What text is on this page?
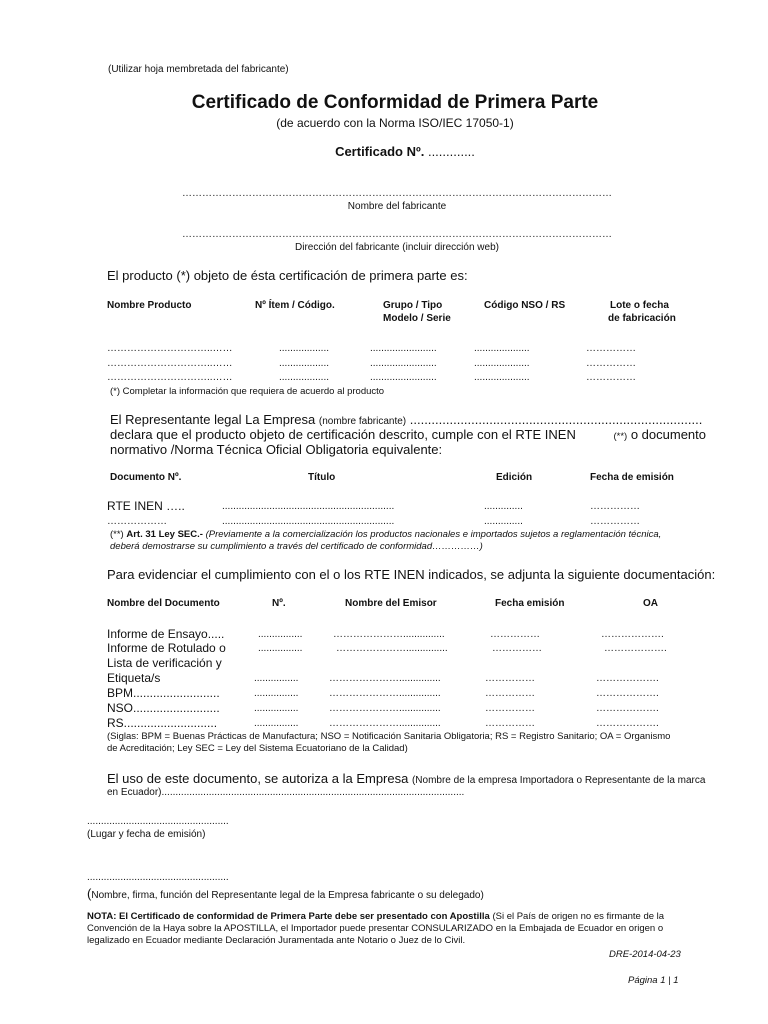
(Utilizar hoja membretada del fabricante)
Certificado de Conformidad de Primera Parte
(de acuerdo con la Norma ISO/IEC 17050-1)
Certificado Nº. .............
…………………………………………………………………………………………………………………
Nombre del fabricante
…………………………………………………………………………………………………………………
Dirección del fabricante (incluir dirección web)
El producto (*) objeto de ésta certificación de primera parte es:
Nombre Producto	Nº Ítem / Código.	Grupo / Tipo
Modelo / Serie
Código NSO / RS	Lote o fecha
de fabricación
…………………………..……	..................	........................	....................	……………
…………………………..……	..................	........................	....................	……………
…………………………..……	..................	........................	....................	……………
(*) Completar la información que requiera de acuerdo al producto
El Representante legal La Empresa (nombre fabricante) .................................................................................
declara que el producto objeto de certificación descrito, cumple con el RTE INEN	(**) o documento
normativo /Norma Técnica Oficial Obligatoria equivalente:
Documento Nº.	Título	Edición	Fecha de emisión
RTE INEN …..	..............................................................	..............	……………
………………	..............................................................	..............	……………
(**) Art. 31 Ley SEC.- (Previamente a la comercialización los productos nacionales e importados sujetos a reglamentación técnica,
deberá demostrarse su cumplimiento a través del certificado de conformidad……………)
Para evidenciar el cumplimiento con el o los RTE INEN indicados, se adjunta la siguiente documentación:
Nombre del Documento	Nº.	Nombre del Emisor	Fecha emisión	OA
Informe de Ensayo.....	................	…………………...............	……………	……………….
Informe de Rotulado o	................	…………………...............	……………	……………….
Lista de verificación y
Etiqueta/s	................	…………………...............	……………	……………….
BPM..........................	................	…………………...............	……………	……………….
NSO..........................	................	…………………...............	……………	……………….
RS............................	................	…………………...............	……………	……………….
(Siglas: BPM = Buenas Prácticas de Manufactura; NSO = Notificación Sanitaria Obligatoria; RS = Registro Sanitario; OA = Organismo
de Acreditación; Ley SEC = Ley del Sistema Ecuatoriano de la Calidad)
El uso de este documento, se autoriza a la Empresa (Nombre de la empresa Importadora o Representante de la marca
en Ecuador).............................................................................................................
...................................................
(Lugar y fecha de emisión)
...................................................
(Nombre, firma, función del Representante legal de la Empresa fabricante o su delegado)
NOTA: El Certificado de conformidad de Primera Parte debe ser presentado con Apostilla (Si el País de origen no es firmante de la
Convención de la Haya sobre la APOSTILLA, el Importador puede presentar CONSULARIZADO en la Embajada de Ecuador en origen o
legalizado en Ecuador mediante Declaración Juramentada ante Notario o Juez de lo Civil.
DRE-2014-04-23
Página 1 | 1
